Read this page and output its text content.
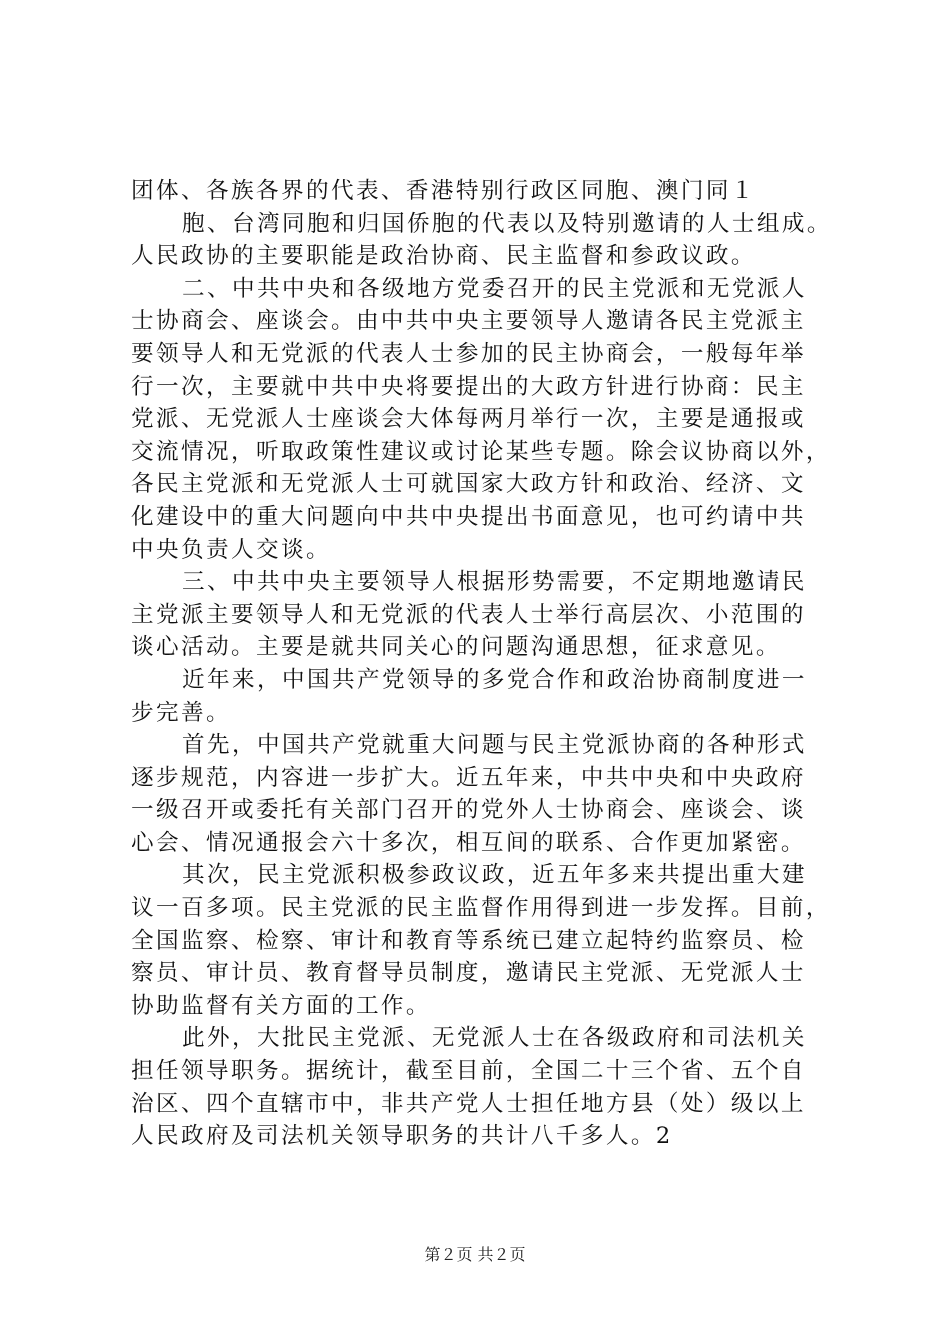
团体、各族各界的代表、香港特别行政区同胞、澳门同１
胞、台湾同胞和归国侨胞的代表以及特别邀请的人士组成。
人民政协的主要职能是政治协商、民主监督和参政议政。
二、中共中央和各级地方党委召开的民主党派和无党派人
士协商会、座谈会。由中共中央主要领导人邀请各民主党派主
要领导人和无党派的代表人士参加的民主协商会，一般每年举
行一次，主要就中共中央将要提出的大政方针进行协商：民主
党派、无党派人士座谈会大体每两月举行一次，主要是通报或
交流情况，听取政策性建议或讨论某些专题。除会议协商以外，
各民主党派和无党派人士可就国家大政方针和政治、经济、文
化建设中的重大问题向中共中央提出书面意见，也可约请中共
中央负责人交谈。
三、中共中央主要领导人根据形势需要，不定期地邀请民
主党派主要领导人和无党派的代表人士举行高层次、小范围的
谈心活动。主要是就共同关心的问题沟通思想，征求意见。
近年来，中国共产党领导的多党合作和政治协商制度进一
步完善。
首先，中国共产党就重大问题与民主党派协商的各种形式
逐步规范，内容进一步扩大。近五年来，中共中央和中央政府
一级召开或委托有关部门召开的党外人士协商会、座谈会、谈
心会、情况通报会六十多次，相互间的联系、合作更加紧密。
其次，民主党派积极参政议政，近五年多来共提出重大建
议一百多项。民主党派的民主监督作用得到进一步发挥。目前，
全国监察、检察、审计和教育等系统已建立起特约监察员、检
察员、审计员、教育督导员制度，邀请民主党派、无党派人士
协助监督有关方面的工作。
此外，大批民主党派、无党派人士在各级政府和司法机关
担任领导职务。据统计，截至目前，全国二十三个省、五个自
治区、四个直辖市中，非共产党人士担任地方县（处）级以上
人民政府及司法机关领导职务的共计八千多人。2
第２页 共２页
